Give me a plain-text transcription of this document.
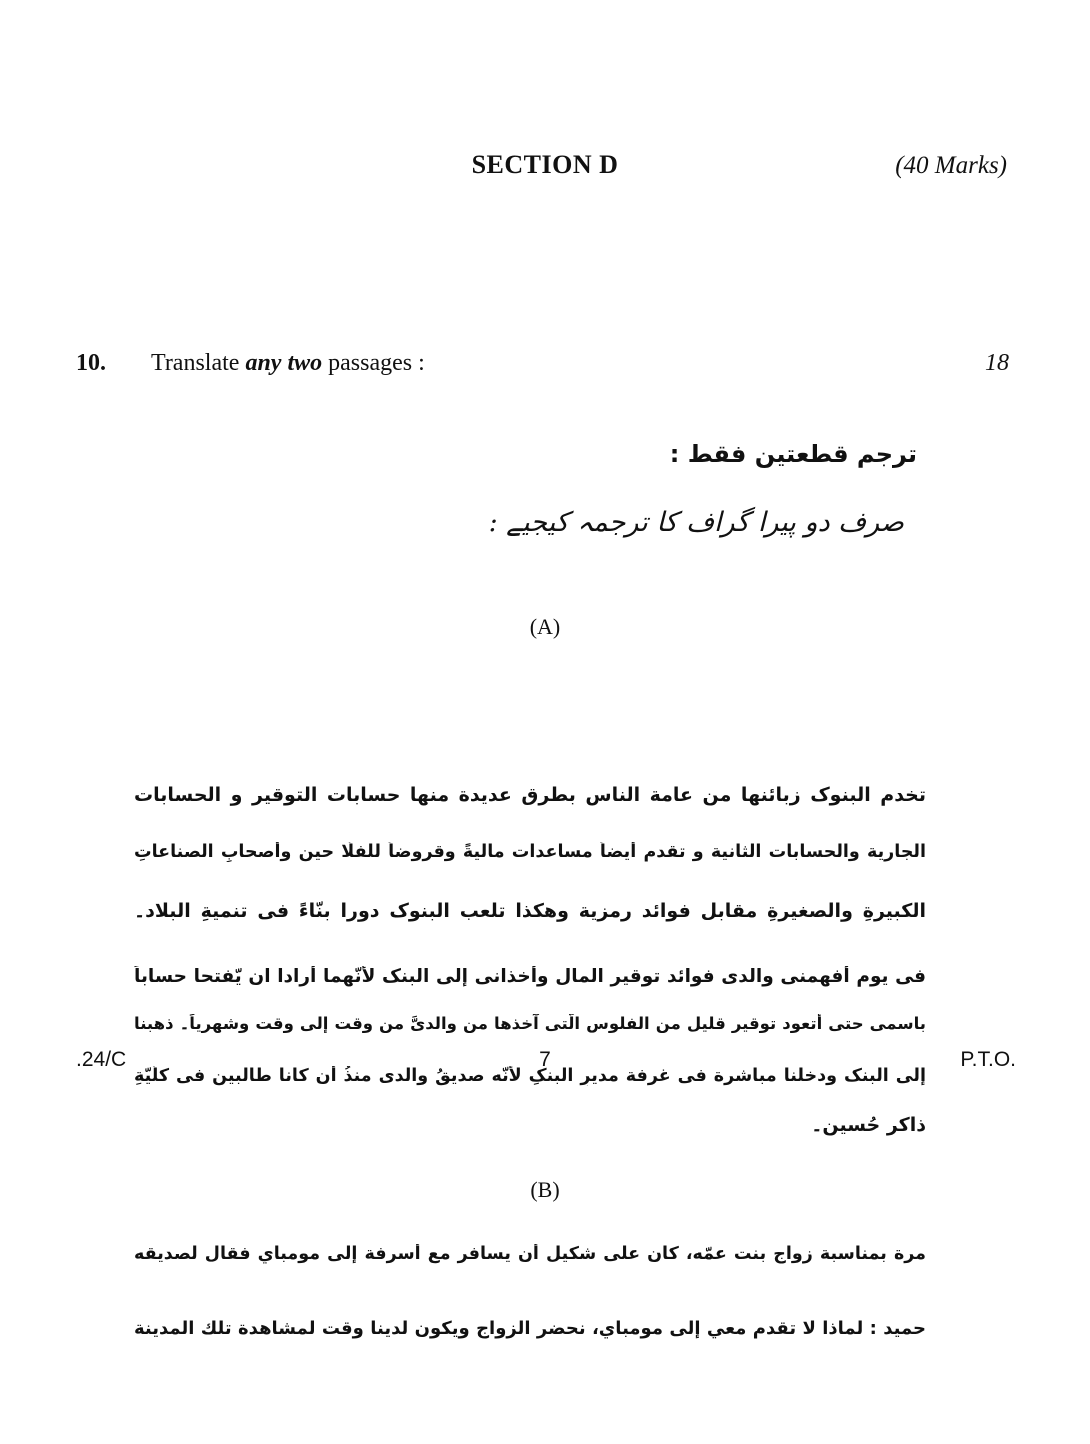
SECTION D	(40 Marks)
10. Translate any two passages :	18
ترجم قطعتين فقط :
صرف دو پیرا گراف کا ترجمہ کیجیے :
(A)
تخدم البنوک زبائنها من عامة الناس بطرق عديدة منها حسابات التوقير و الحسابات
الجارية والحسابات الثانية و تقدم أيضاً مساعدات ماليةً وقروضاً للفلّا حين وأصحابِ الصناعاتِ
الكبيرةِ والصغيرةِ مقابل فوائد رمزية وهكذا تلعب البنوک دورا بنّاءً فی تنميةِ البلاد۔
فی يوم أفهمنی والدی فوائد توقير المال وأخذانی إلی البنک لأنّهما أرادا ان يّفتحا حساباً
باسمی حتی أتعود توقير قليل من الفلوس الّتی آخذها من والدیَّ من وقت إلی وقت وشهرياً۔ ذهبنا
إلی البنک ودخلنا مباشرة فی غرفة مديرِ البنکِ لأنّه صديقُ والدی منذُ أن كانا طالبين فی كلّيّةِ
ذاكر حُسين۔
(B)
مرة بمناسبة زواج بنت عمّه، كان علی شكيل أن يسافر مع أسرفة إلی مومباي فقال لصديقه
حميد : لماذا لا تقدم معي إلی مومباي، نحضر الزواج ويكون لدينا وقت لمشاهدة تلك المدينة
.24/C	7	P.T.O.
